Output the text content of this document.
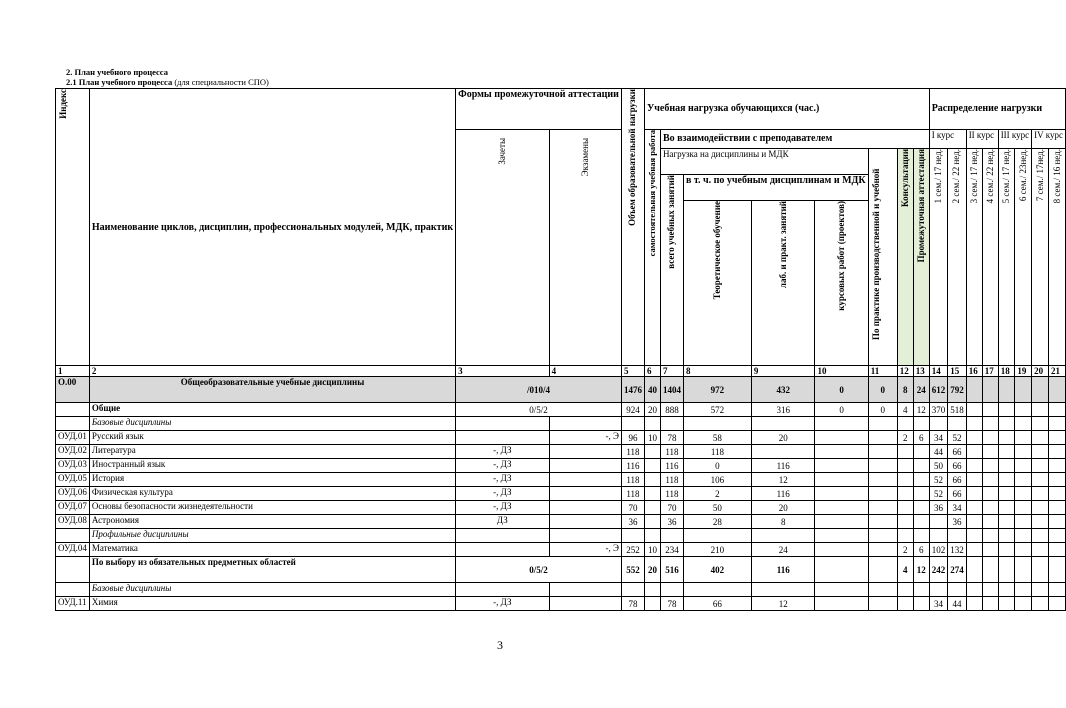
2. План учебного процесса
2.1 План учебного процесса (для специальности СПО)
Индекс	Наименование циклов, дисциплин, профессиональных модулей, МДК, практик	Формы промежуточной аттестации		Объем образовательной нагрузки	Учебная нагрузка обучающихся (час.)								Распределение нагрузки							
		Зачеты	Экзамены		самостоятельная учебная работа	Во взаимодействии с преподавателем							I курс		II курс		III курс		IV курс	
						Нагрузка на дисциплины и МДК				По практике производственной и учебной	Консультации	Промежуточная аттестация	1 сем./ 17 нед.	2 сем./ 22 нед.	3 сем./ 17 нед.	4 сем./ 22 нед.	5 сем./ 17 нед.	6 сем./ 23нед.	7 сем./ 17нед.	8 сем./ 16 нед.
						всего учебных занятий	в т. ч. по учебным дисциплинам и МДК													
							Теоретическое обучение	лаб. и практ. занятий	курсовых работ (проектов)											

1	2	3	4	5	6	7	8	9	10	11	12	13	14	15	16	17	18	19	20	21
О.00	Общеобразовательные учебные дисциплины	/010/4		1476	40	1404	972	432	0	0	8	24	612	792						
	Общие	0/5/2		924	20	888	572	316	0	0	4	12	370	518						
	Базовые дисциплины																			
ОУД.01	Русский язык		-, Э	96	10	78	58	20			2	6	34	52						
ОУД.02	Литература	-, ДЗ		118		118	118						44	66						
ОУД.03	Иностранный язык	-, ДЗ		116		116	0	116					50	66						
ОУД.05	История	-, ДЗ		118		118	106	12					52	66						
ОУД.06	Физическая культура	-, ДЗ		118		118	2	116					52	66						
ОУД.07	Основы безопасности жизнедеятельности	-, ДЗ		70		70	50	20					36	34						
ОУД.08	Астрономия	ДЗ		36		36	28	8						36						
	Профильные дисциплины																			
ОУД.04	Математика		-, Э	252	10	234	210	24			2	6	102	132						
	По выбору из обязательных предметных областей	0/5/2		552	20	516	402	116			4	12	242	274						
	Базовые дисциплины																			
ОУД.11	Химия	-, ДЗ		78		78	66	12					34	44						
3
